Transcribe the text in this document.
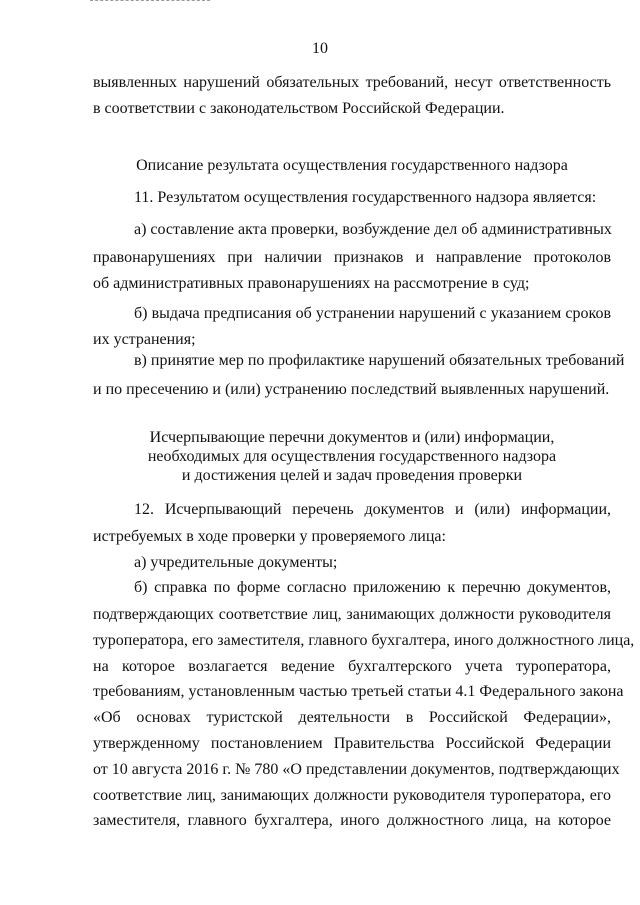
10

выявленных нарушений обязательных требований, несут ответственность

в соответствии с законодательством Российской Федерации.

Описание результата осуществления государственного надзора

11. Результатом осуществления государственного надзора является:

а) составление акта проверки, возбуждение дел об административных

правонарушениях при наличии признаков и направление протоколов

об административных правонарушениях на рассмотрение в суд;

б) выдача предписания об устранении нарушений с указанием сроков

их устранения;

в) принятие мер по профилактике нарушений обязательных требований

и по пресечению и (или) устранению последствий выявленных нарушений.

Исчерпывающие перечни документов и (или) информации,

необходимых для осуществления государственного надзора

и достижения целей и задач проведения проверки

12. Исчерпывающий перечень документов и (или) информации,

истребуемых в ходе проверки у проверяемого лица:

а) учредительные документы;

б) справка по форме согласно приложению к перечню документов,

подтверждающих соответствие лиц, занимающих должности руководителя

туроператора, его заместителя, главного бухгалтера, иного должностного лица,

на которое возлагается ведение бухгалтерского учета туроператора,

требованиям, установленным частью третьей статьи 4.1 Федерального закона

«Об основах туристской деятельности в Российской Федерации»,

утвержденному постановлением Правительства Российской Федерации

от 10 августа 2016 г. № 780 «О представлении документов, подтверждающих

соответствие лиц, занимающих должности руководителя туроператора, его

заместителя, главного бухгалтера, иного должностного лица, на которое
